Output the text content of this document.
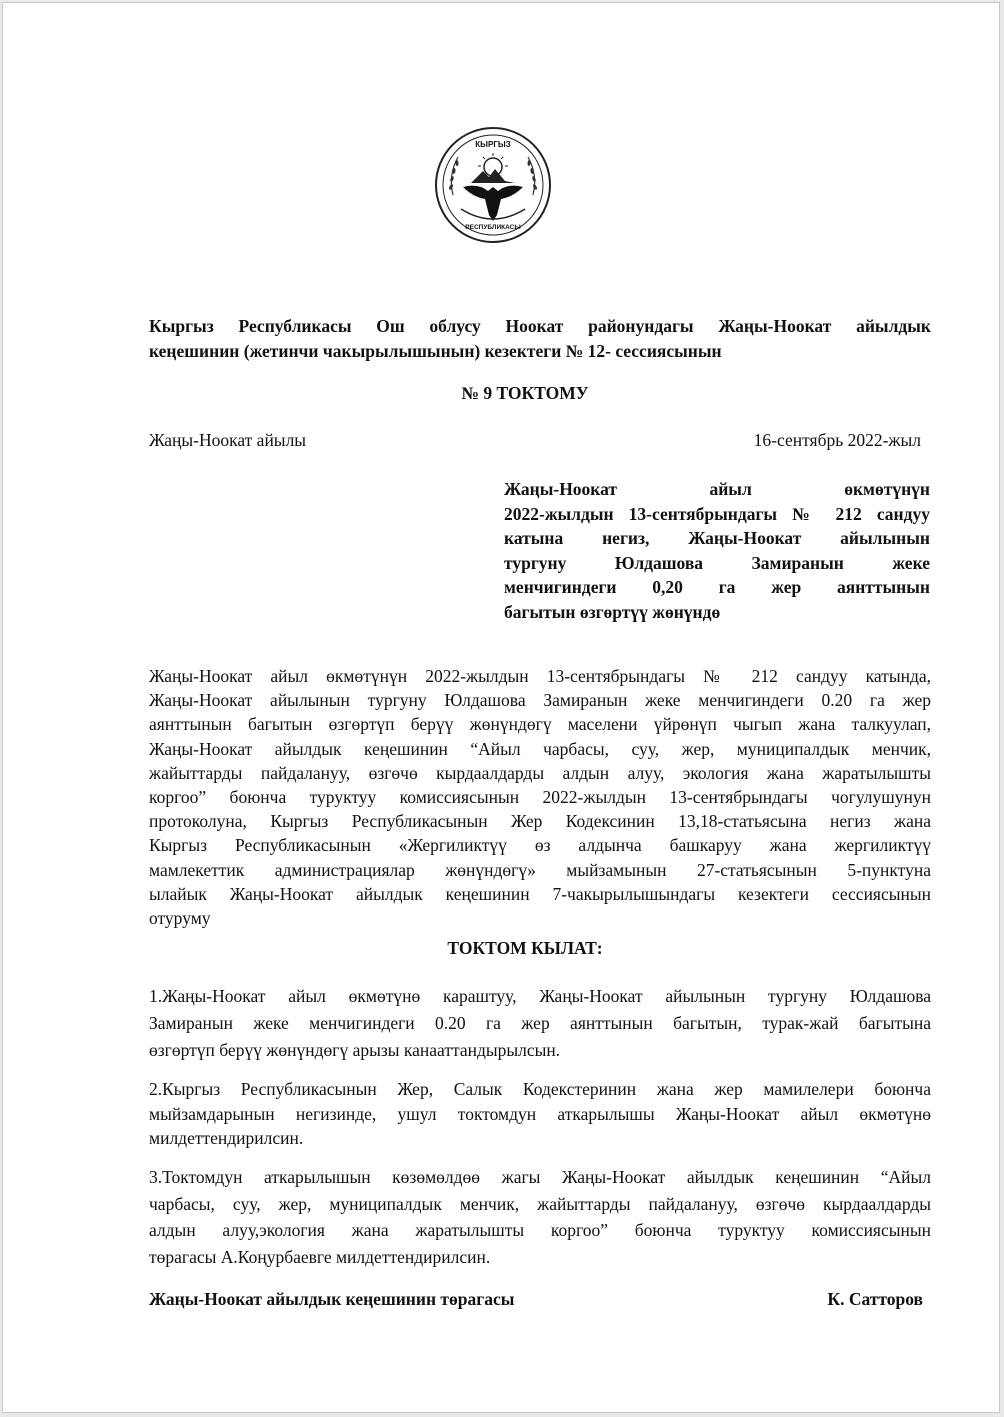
КЫРГЫЗ
РЕСПУБЛИКАСЫ
Кыргыз Республикасы Ош облусу Ноокат районундагы Жаңы-Ноокат айылдык
кеңешинин (жетинчи чакырылышынын) кезектеги № 12- сессиясынын
№ 9 ТОКТОМУ
Жаңы-Ноокат айылы	16-сентябрь 2022-жыл
Жаңы-Ноокат айыл өкмөтүнүн
2022-жылдын 13-сентябрындагы № 212 сандуу
катына негиз, Жаңы-Ноокат айылынын
тургуну Юлдашова Замиранын жеке
менчигиндеги 0,20 га жер аянттынын
багытын өзгөртүү жөнүндө
Жаңы-Ноокат айыл өкмөтүнүн 2022-жылдын 13-сентябрындагы № 212 сандуу катында,
Жаңы-Ноокат айылынын тургуну Юлдашова Замиранын жеке менчигиндеги 0.20 га жер
аянттынын багытын өзгөртүп берүү жөнүндөгү маселени үйрөнүп чыгып жана талкуулап,
Жаңы-Ноокат айылдык кеңешинин “Айыл чарбасы, суу, жер, муниципалдык менчик,
жайыттарды пайдалануу, өзгөчө кырдаалдарды алдын алуу, экология жана жаратылышты
коргоо” боюнча туруктуу комиссиясынын 2022-жылдын 13-сентябрындагы чогулушунун
протоколуна, Кыргыз Республикасынын Жер Кодексинин 13,18-статьясына негиз жана
Кыргыз Республикасынын «Жергиликтүү өз алдынча башкаруу жана жергиликтүү
мамлекеттик администрациялар жөнүндөгү» мыйзамынын 27-статьясынын 5-пунктуна
ылайык Жаңы-Ноокат айылдык кеңешинин 7-чакырылышындагы кезектеги сессиясынын
отуруму
ТОКТОМ КЫЛАТ:
1.Жаңы-Ноокат айыл өкмөтүнө караштуу, Жаңы-Ноокат айылынын тургуну Юлдашова
Замиранын жеке менчигиндеги 0.20 га жер аянттынын багытын, турак-жай багытына
өзгөртүп берүү жөнүндөгү арызы канааттандырылсын.
2.Кыргыз Республикасынын Жер, Салык Кодекстеринин жана жер мамилелери боюнча
мыйзамдарынын негизинде, ушул токтомдун аткарылышы Жаңы-Ноокат айыл өкмөтүнө
милдеттендирилсин.
3.Токтомдун аткарылышын көзөмөлдөө жагы Жаңы-Ноокат айылдык кеңешинин “Айыл
чарбасы, суу, жер, муниципалдык менчик, жайыттарды пайдалануу, өзгөчө кырдаалдарды
алдын алуу,экология жана жаратылышты коргоо” боюнча туруктуу комиссиясынын
төрагасы А.Коңурбаевге милдеттендирилсин.
Жаңы-Ноокат айылдык кеңешинин төрагасы	К. Сатторов
